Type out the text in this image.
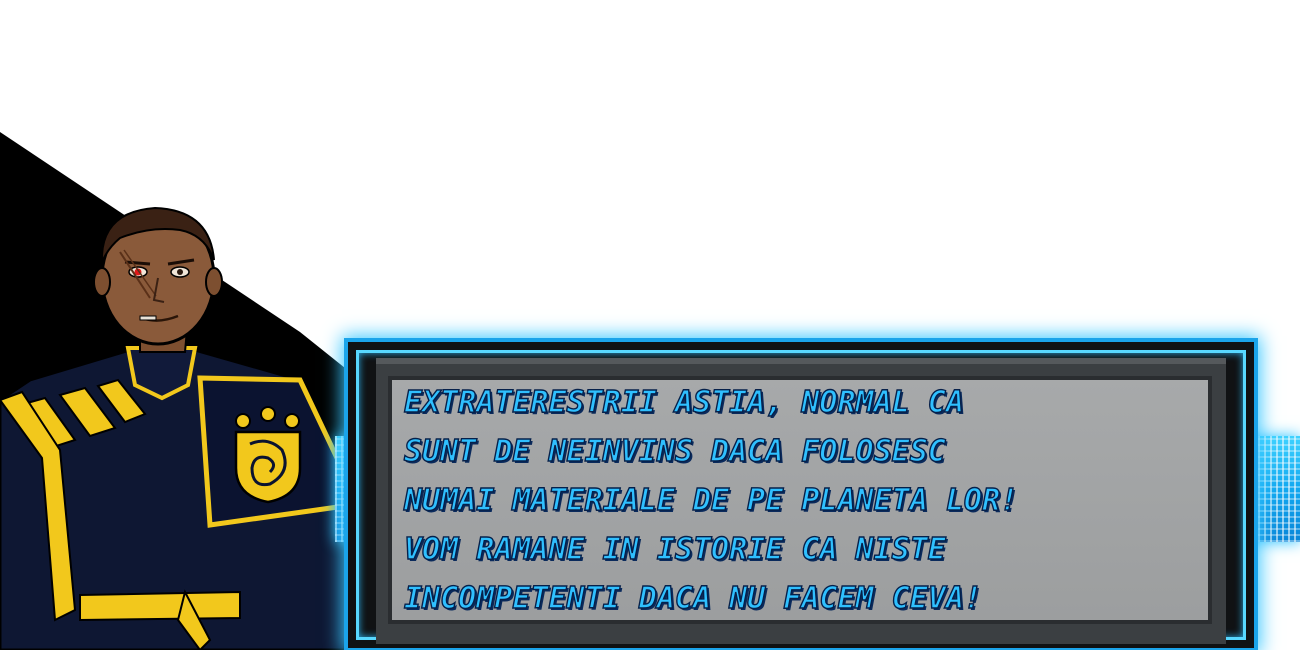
EXTRATERESTRII ASTIA, NORMAL CA
SUNT DE NEINVINS DACA FOLOSESC
NUMAI MATERIALE DE PE PLANETA LOR!
VOM RAMANE IN ISTORIE CA NISTE
INCOMPETENTI DACA NU FACEM CEVA!
